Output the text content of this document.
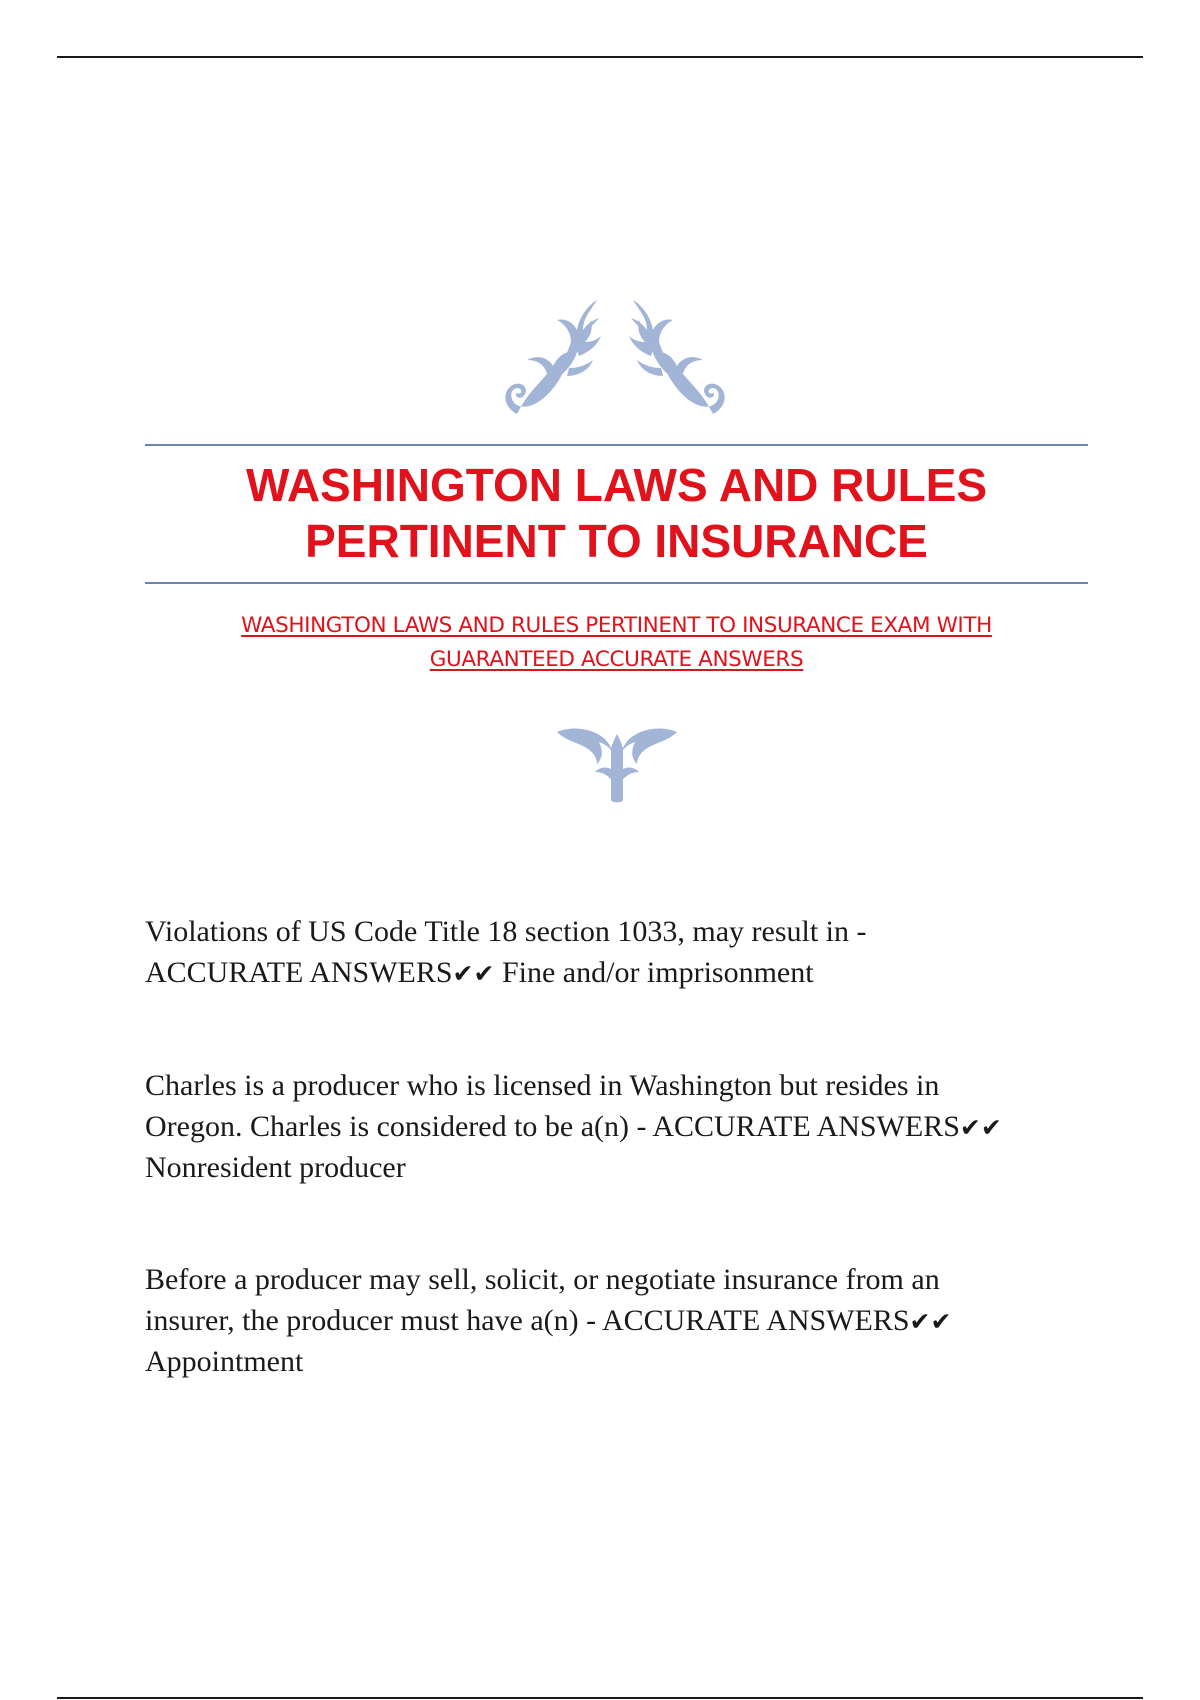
WASHINGTON LAWS AND RULES
PERTINENT TO INSURANCE
WASHINGTON LAWS AND RULES PERTINENT TO INSURANCE EXAM WITH
GUARANTEED ACCURATE ANSWERS

Violations of US Code Title 18 section 1033, may result in -
ACCURATE ANSWERS✔✔ Fine and/or imprisonment

Charles is a producer who is licensed in Washington but resides in
Oregon. Charles is considered to be a(n) - ACCURATE ANSWERS✔✔
Nonresident producer

Before a producer may sell, solicit, or negotiate insurance from an
insurer, the producer must have a(n) - ACCURATE ANSWERS✔✔
Appointment
